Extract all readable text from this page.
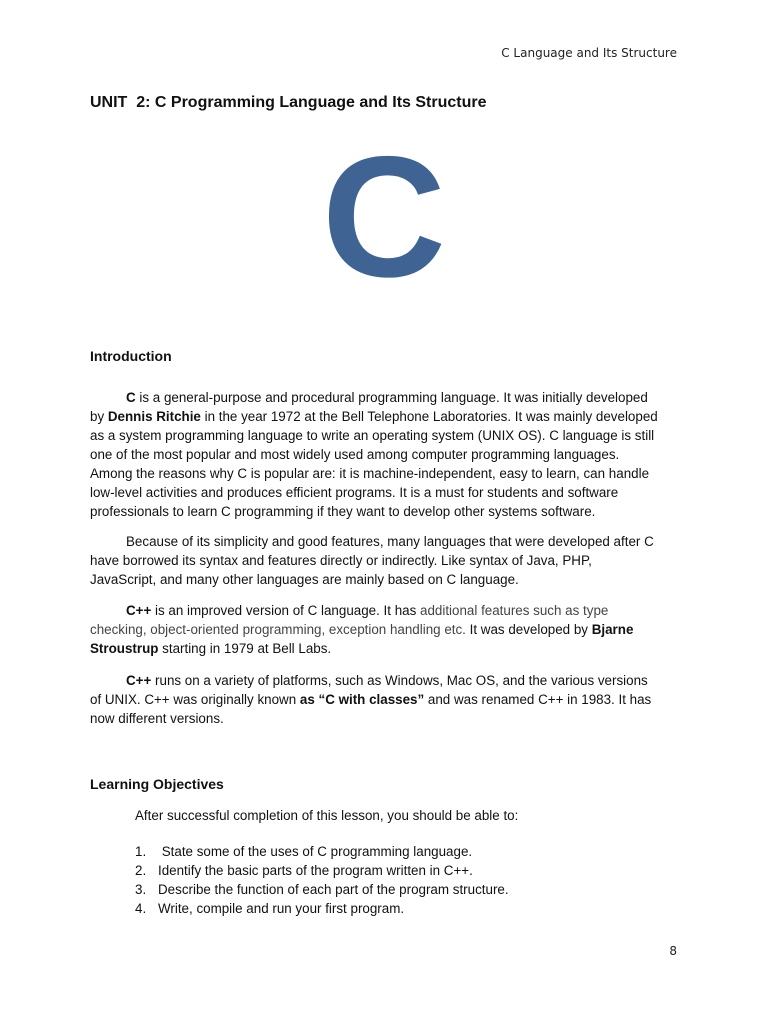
C Language and Its Structure
UNIT  2: C Programming Language and Its Structure
C
Introduction
C is a general-purpose and procedural programming language. It was initially developed
by Dennis Ritchie in the year 1972 at the Bell Telephone Laboratories. It was mainly developed
as a system programming language to write an operating system (UNIX OS). C language is still
one of the most popular and most widely used among computer programming languages.
Among the reasons why C is popular are: it is machine-independent, easy to learn, can handle
low-level activities and produces efficient programs. It is a must for students and software
professionals to learn C programming if they want to develop other systems software.
Because of its simplicity and good features, many languages that were developed after C
have borrowed its syntax and features directly or indirectly. Like syntax of Java, PHP,
JavaScript, and many other languages are mainly based on C language.
C++ is an improved version of C language. It has additional features such as type
checking, object-oriented programming, exception handling etc. It was developed by Bjarne
Stroustrup starting in 1979 at Bell Labs.
C++ runs on a variety of platforms, such as Windows, Mac OS, and the various versions
of UNIX. C++ was originally known as “C with classes” and was renamed C++ in 1983. It has
now different versions.
Learning Objectives

After successful completion of this lesson, you should be able to:

1. State some of the uses of C programming language.
2. Identify the basic parts of the program written in C++.
3. Describe the function of each part of the program structure.
4. Write, compile and run your first program.
8
